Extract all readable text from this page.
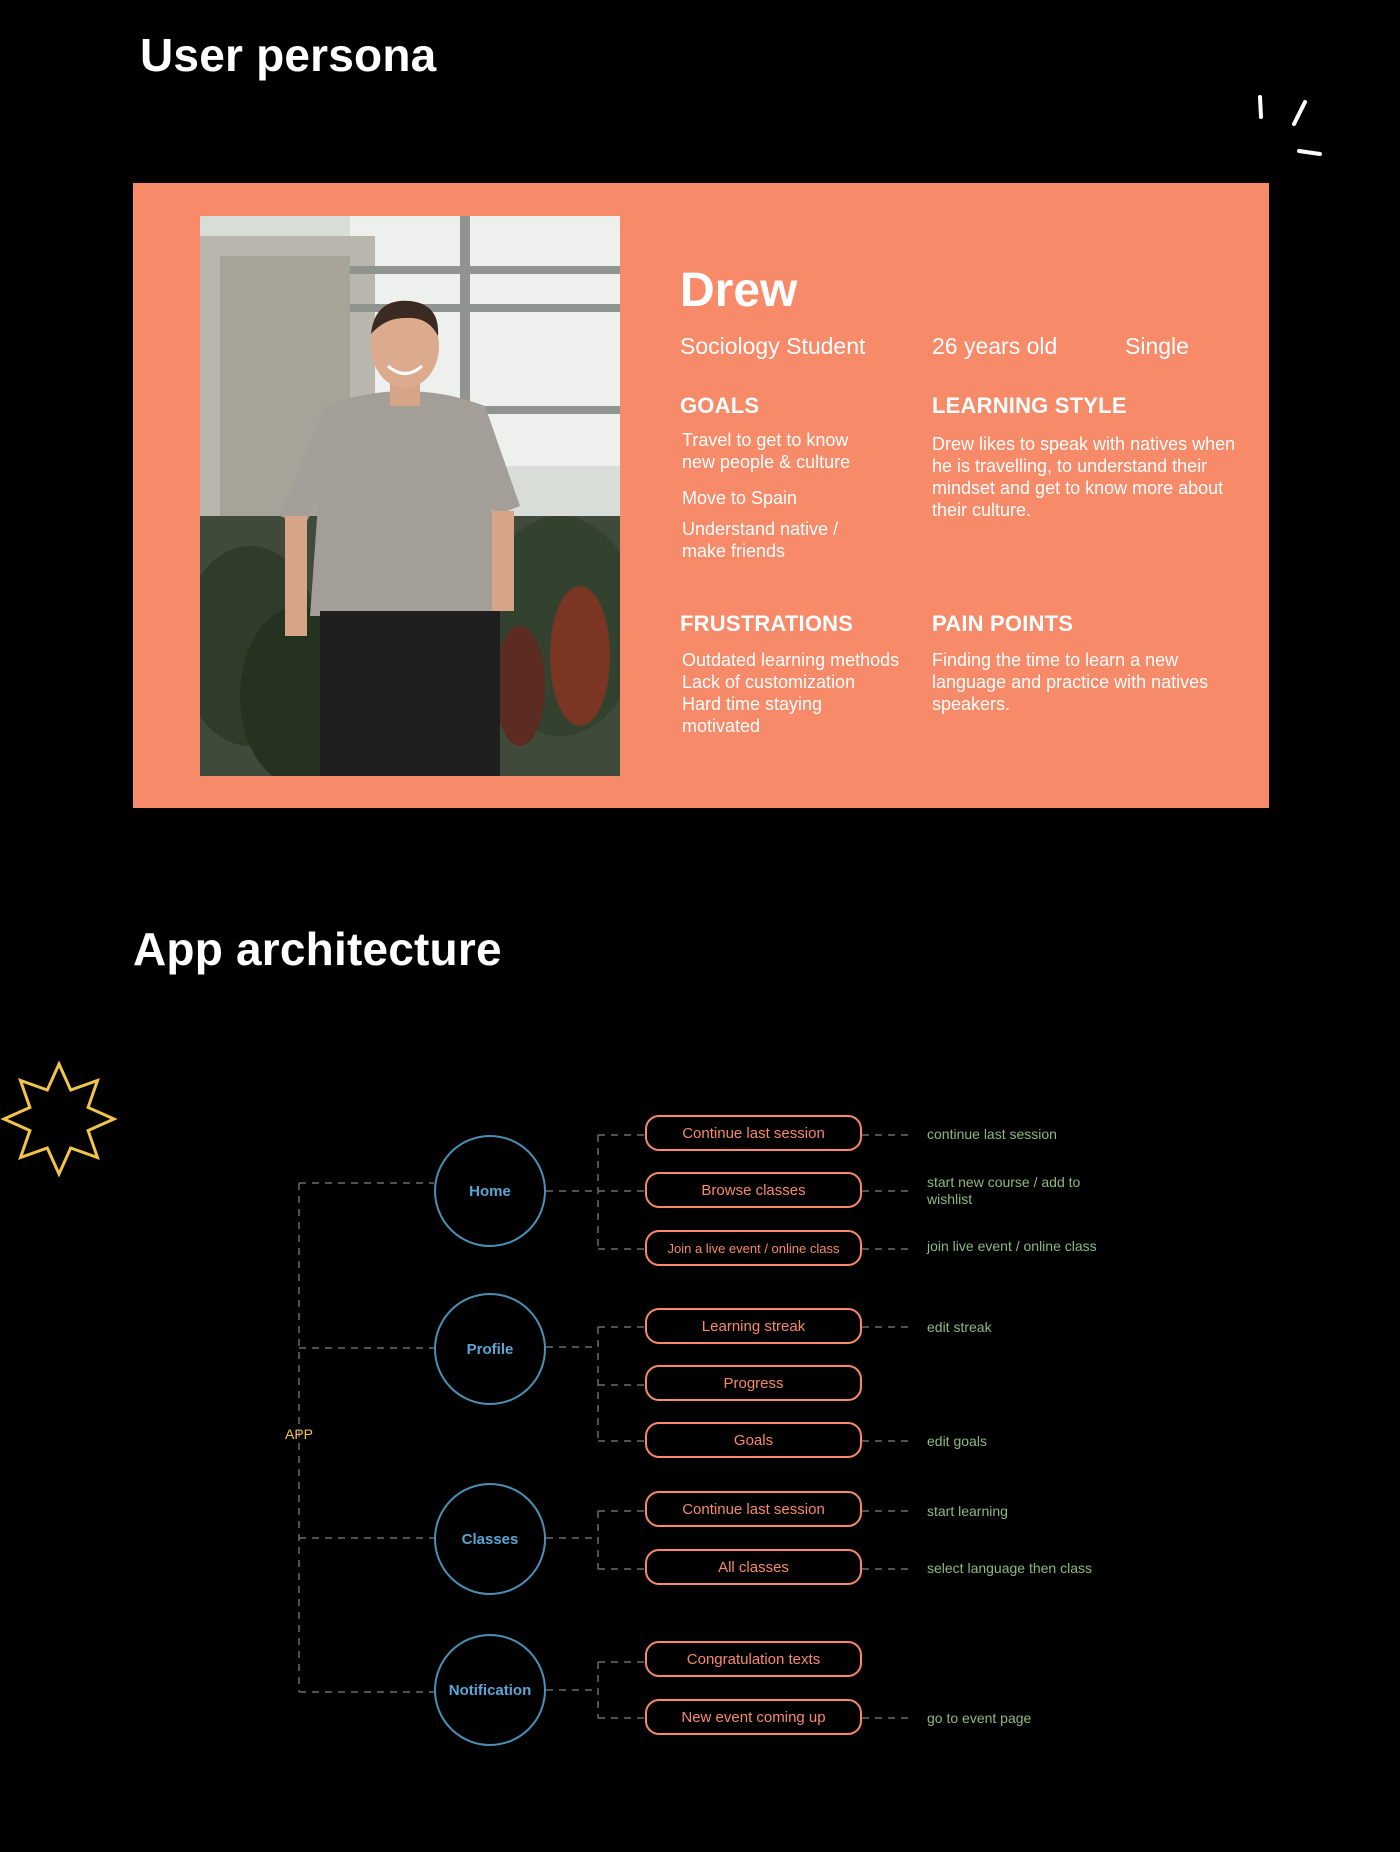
User persona
Drew
Sociology Student	26 years old	Single
GOALS

Travel to get to know new people & culture

Move to Spain

Understand native / make friends

LEARNING STYLE

Drew likes to speak with natives when he is travelling, to understand their mindset and get to know more about their culture.

FRUSTRATIONS

Outdated learning methods
Lack of customization
Hard time staying motivated

PAIN POINTS

Finding the time to learn a new language and practice with natives speakers.

App architecture
APP
Home
Profile
Classes
Notification
Continue last session
Browse classes
Join a live event / online class
Learning streak
Progress
Goals
Continue last session
All classes
Congratulation texts
New event coming up
continue last session
start new course / add to wishlist
join live event / online class
edit streak
edit goals
start learning
select language then class
go to event page
